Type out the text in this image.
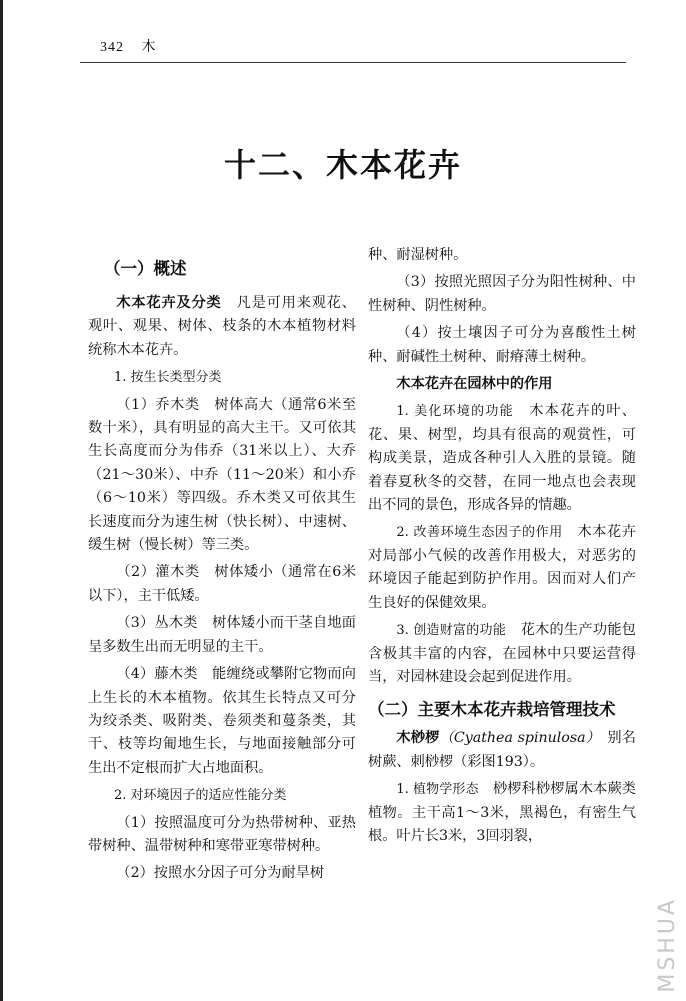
342 木
十二、木本花卉

（一）概述

木本花卉及分类　凡是可用来观花、观叶、观果、树体、枝条的木本植物材料统称木本花卉。

1. 按生长类型分类

（1）乔木类　树体高大（通常6米至数十米），具有明显的高大主干。又可依其生长高度而分为伟乔（31米以上）、大乔（21～30米）、中乔（11～20米）和小乔（6～10米）等四级。乔木类又可依其生长速度而分为速生树（快长树）、中速树、缓生树（慢长树）等三类。

（2）灌木类　树体矮小（通常在6米以下），主干低矮。

（3）丛木类　树体矮小而干茎自地面呈多数生出而无明显的主干。

（4）藤木类　能缠绕或攀附它物而向上生长的木本植物。依其生长特点又可分为绞杀类、吸附类、卷须类和蔓条类，其干、枝等均匍地生长，与地面接触部分可生出不定根而扩大占地面积。

2. 对环境因子的适应性能分类

（1）按照温度可分为热带树种、亚热带树种、温带树种和寒带亚寒带树种。

（2）按照水分因子可分为耐旱树

种、耐湿树种。

（3）按照光照因子分为阳性树种、中性树种、阴性树种。

（4）按土壤因子可分为喜酸性土树种、耐碱性土树种、耐瘠薄土树种。

木本花卉在园林中的作用

1. 美化环境的功能　木本花卉的叶、花、果、树型，均具有很高的观赏性，可构成美景，造成各种引人入胜的景镜。随着春夏秋冬的交替，在同一地点也会表现出不同的景色，形成各异的情趣。

2. 改善环境生态因子的作用　木本花卉对局部小气候的改善作用极大，对恶劣的环境因子能起到防护作用。因而对人们产生良好的保健效果。

3. 创造财富的功能　花木的生产功能包含极其丰富的内容，在园林中只要运营得当，对园林建设会起到促进作用。

（二）主要木本花卉栽培管理技术

木桫椤（Cyathea spinulosa）　别名树蕨、刺桫椤（彩图193）。

1. 植物学形态　桫椤科桫椤属木本蕨类植物。主干高1～3米，黑褐色，有密生气根。叶片长3米，3回羽裂，

MSHUA
